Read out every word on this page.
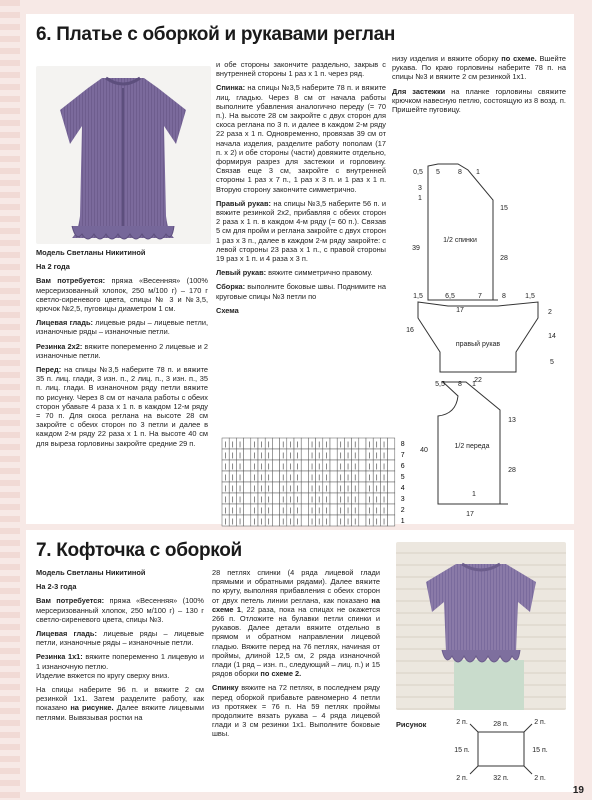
6. Платье с оборкой и рукавами реглан

Модель Светланы Никитиной

На 2 года

Вам потребуется: пряжа «Весенняя» (100% мерсеризованный хлопок, 250 м/100 г) – 170 г светло-сиреневого цвета, спицы № 3 и №3,5, крючок №2,5, пуговицы диаметром 1 см.

Лицевая гладь: лицевые ряды – лицевые петли, изнаночные ряды – изнаночные петли.

Резинка 2х2: вяжите попеременно 2 лицевые и 2 изнаночные петли.

Перед: на спицы №3,5 наберите 78 п. и вяжите 35 п. лиц. глади, 3 изн. п., 2 лиц. п., 3 изн. п., 35 п. лиц. глади. В изнаночном ряду петли вяжите по рисунку. Через 8 см от начала работы с обеих сторон убавьте 4 раза х 1 п. в каждом 12-м ряду = 70 п. Для скоса реглана на высоте 28 см закройте с обеих сторон по 3 петли и далее в каждом 2-м ряду 22 раза х 1 п. На высоте 40 см для выреза горловины закройте средние 29 п.

и обе стороны закончите раздельно, закрыв с внутренней стороны 1 раз х 1 п. через ряд.

Спинка: на спицы №3,5 наберите 78 п. и вяжите лиц. гладью. Через 8 см от начала работы выполните убавления аналогично переду (= 70 п.). На высоте 28 см закройте с двух сторон для скоса реглана по 3 п. и далее в каждом 2-м ряду 22 раза х 1 п. Одновременно, провязав 39 см от начала изделия, разделите работу пополам (17 п. х 2) и обе стороны (части) довяжите отдельно, формируя разрез для застежки и горловину. Связав еще 3 см, закройте с внутренней стороны 1 раз х 7 п., 1 раз х 3 п. и 1 раз х 1 п. Вторую сторону закончите симметрично.

Правый рукав: на спицы №3,5 наберите 56 п. и вяжите резинкой 2х2, прибавляя с обеих сторон 2 раза х 1 п. в каждом 4-м ряду (= 60 п.). Связав 5 см для пройм и реглана закройте с двух сторон 1 раз х 3 п., далее в каждом 2-м ряду закройте: с левой стороны 23 раза х 1 п., с правой стороны 19 раз х 1 п. и 4 раза х 3 п.

Левый рукав: вяжите симметрично правому.

Сборка: выполните боковые швы. Поднимите на круговые спицы №3 петли по

Схема

| | | | | | | | | | | | | | | | | |
| | | | | | | | | | | | | | | | | |
| | | | | | | | | | | | | | | | | |
| | | | | | | | | | | | | | | | | |
| | | | | | | | | | | | | | | | | |
| | | | | | | | | | | | | | | | | |
| | | | | | | | | | | | | | | | | |
| | | | | | | | | | | | | | | | | |
8
7
6
5
4
3
2
1

низу изделия и вяжите оборку по схеме. Вшейте рукава. По краю горловины наберите 78 п. на спицы №3 и вяжите 2 см резинкой 1х1.

Для застежки на планке горловины свяжите крючком навесную петлю, состоящую из 8 возд. п. Пришейте пуговицу.

0,5 5	8 1
3
1
15
39
28
17
1/2 спинки
1,5	6,5	7	8	1,5
2
16
14
5
22
правый рукав
5,5 8 1
13
40
28
1
17
1/2 переда
7. Кофточка с оборкой

Модель Светланы Никитиной

На 2-3 года

Вам потребуется: пряжа «Весенняя» (100% мерсеризованный хлопок, 250 м/100 г) – 130 г светло-сиреневого цвета, спицы №3.

Лицевая гладь: лицевые ряды – лицевые петли, изнаночные ряды – изнаночные петли.

Резинка 1х1: вяжите попеременно 1 лицевую и 1 изнаночную петлю.

Изделие вяжется по кругу сверху вниз.

На спицы наберите 96 п. и вяжите 2 см резинкой 1х1. Затем разделите работу, как показано на рисунке. Далее вяжите лицевыми петлями. Вывязывая ростки на

28 петлях спинки (4 ряда лицевой глади прямыми и обратными рядами). Далее вяжите по кругу, выполняя прибавления с обеих сторон от двух петель линии реглана, как показано на схеме 1, 22 раза, пока на спицах не окажется 266 п. Отложите на булавки петли спинки и рукавов. Далее детали вяжите отдельно в прямом и обратном направлении лицевой гладью. Вяжите перед на 76 петлях, начиная от проймы, длиной 12,5 см, 2 ряда изнаночной глади (1 ряд – изн. п., следующий – лиц. п.) и 15 рядов оборки по схеме 2.

Спинку вяжите на 72 петлях, в последнем ряду перед оборкой прибавьте равномерно 4 петли из протяжек = 76 п. На 59 петлях проймы продолжите вязать рукава – 4 ряда лицевой глади и 3 см резинки 1х1. Выполните боковые швы.

Рисунок	28 п.
32 п.
15 п.	15 п.
2 п.	2 п.
2 п.	2 п.
19
